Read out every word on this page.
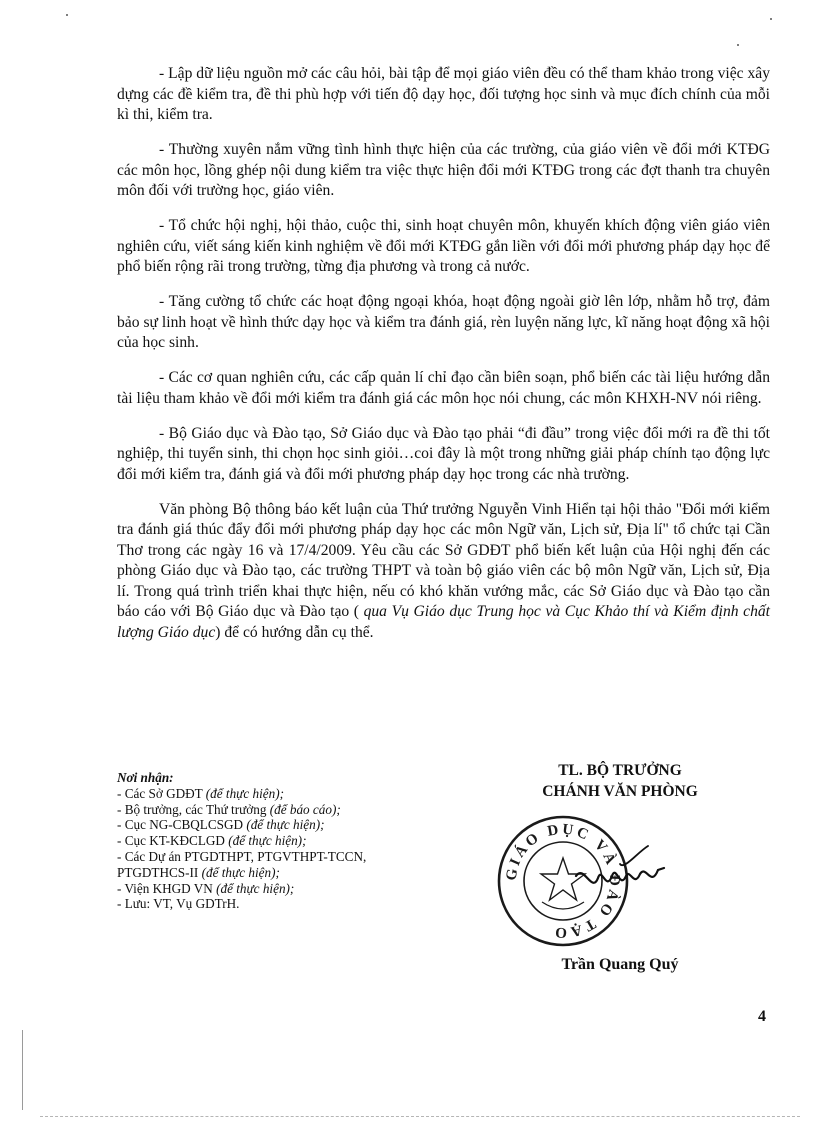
- Lập dữ liệu nguồn mở các câu hỏi, bài tập để mọi giáo viên đều có thể tham khảo trong việc xây dựng các đề kiểm tra, đề thi phù hợp với tiến độ dạy học, đối tượng học sinh và mục đích chính của mỗi kì thi, kiểm tra.

- Thường xuyên nắm vững tình hình thực hiện của các trường, của giáo viên về đổi mới KTĐG các môn học, lồng ghép nội dung kiểm tra việc thực hiện đổi mới KTĐG trong các đợt thanh tra chuyên môn đối với trường học, giáo viên.

- Tổ chức hội nghị, hội thảo, cuộc thi, sinh hoạt chuyên môn, khuyến khích động viên giáo viên nghiên cứu, viết sáng kiến kinh nghiệm về đổi mới KTĐG gắn liền với đổi mới phương pháp dạy học để phổ biến rộng rãi trong trường, từng địa phương và trong cả nước.

- Tăng cường tổ chức các hoạt động ngoại khóa, hoạt động ngoài giờ lên lớp, nhằm hỗ trợ, đảm bảo sự linh hoạt về hình thức dạy học và kiểm tra đánh giá, rèn luyện năng lực, kĩ năng hoạt động xã hội của học sinh.

- Các cơ quan nghiên cứu, các cấp quản lí chỉ đạo cần biên soạn, phổ biến các tài liệu hướng dẫn tài liệu tham khảo về đổi mới kiểm tra đánh giá các môn học nói chung, các môn KHXH-NV nói riêng.

- Bộ Giáo dục và Đào tạo, Sở Giáo dục và Đào tạo phải “đi đầu” trong việc đổi mới ra đề thi tốt nghiệp, thi tuyển sinh, thi chọn học sinh giỏi…coi đây là một trong những giải pháp chính tạo động lực đổi mới kiểm tra, đánh giá và đổi mới phương pháp dạy học trong các nhà trường.

Văn phòng Bộ thông báo kết luận của Thứ trưởng Nguyễn Vinh Hiển tại hội thảo "Đổi mới kiểm tra đánh giá thúc đẩy đổi mới phương pháp dạy học các môn Ngữ văn, Lịch sử, Địa lí" tổ chức tại Cần Thơ trong các ngày 16 và 17/4/2009. Yêu cầu các Sở GDĐT phổ biến kết luận của Hội nghị đến các phòng Giáo dục và Đào tạo, các trường THPT và toàn bộ giáo viên các bộ môn Ngữ văn, Lịch sử, Địa lí. Trong quá trình triển khai thực hiện, nếu có khó khăn vướng mắc, các Sở Giáo dục và Đào tạo cần báo cáo với Bộ Giáo dục và Đào tạo ( qua Vụ Giáo dục Trung học và Cục Khảo thí và Kiểm định chất lượng Giáo dục) để có hướng dẫn cụ thể.

Nơi nhận:
- Các Sở GDĐT (để thực hiện);
- Bộ trưởng, các Thứ trưởng (để báo cáo);
- Cục NG-CBQLCSGD (để thực hiện);
- Cục KT-KĐCLGD (để thực hiện);
- Các Dự án PTGDTHPT, PTGVTHPT-TCCN, PTGDTHCS-II (để thực hiện);
- Viện KHGD VN (để thực hiện);
- Lưu: VT, Vụ GDTrH.
TL. BỘ TRƯỞNG
CHÁNH VĂN PHÒNG
GIÁO DỤC VÀ ĐÀO TẠO
Trần Quang Quý
4
